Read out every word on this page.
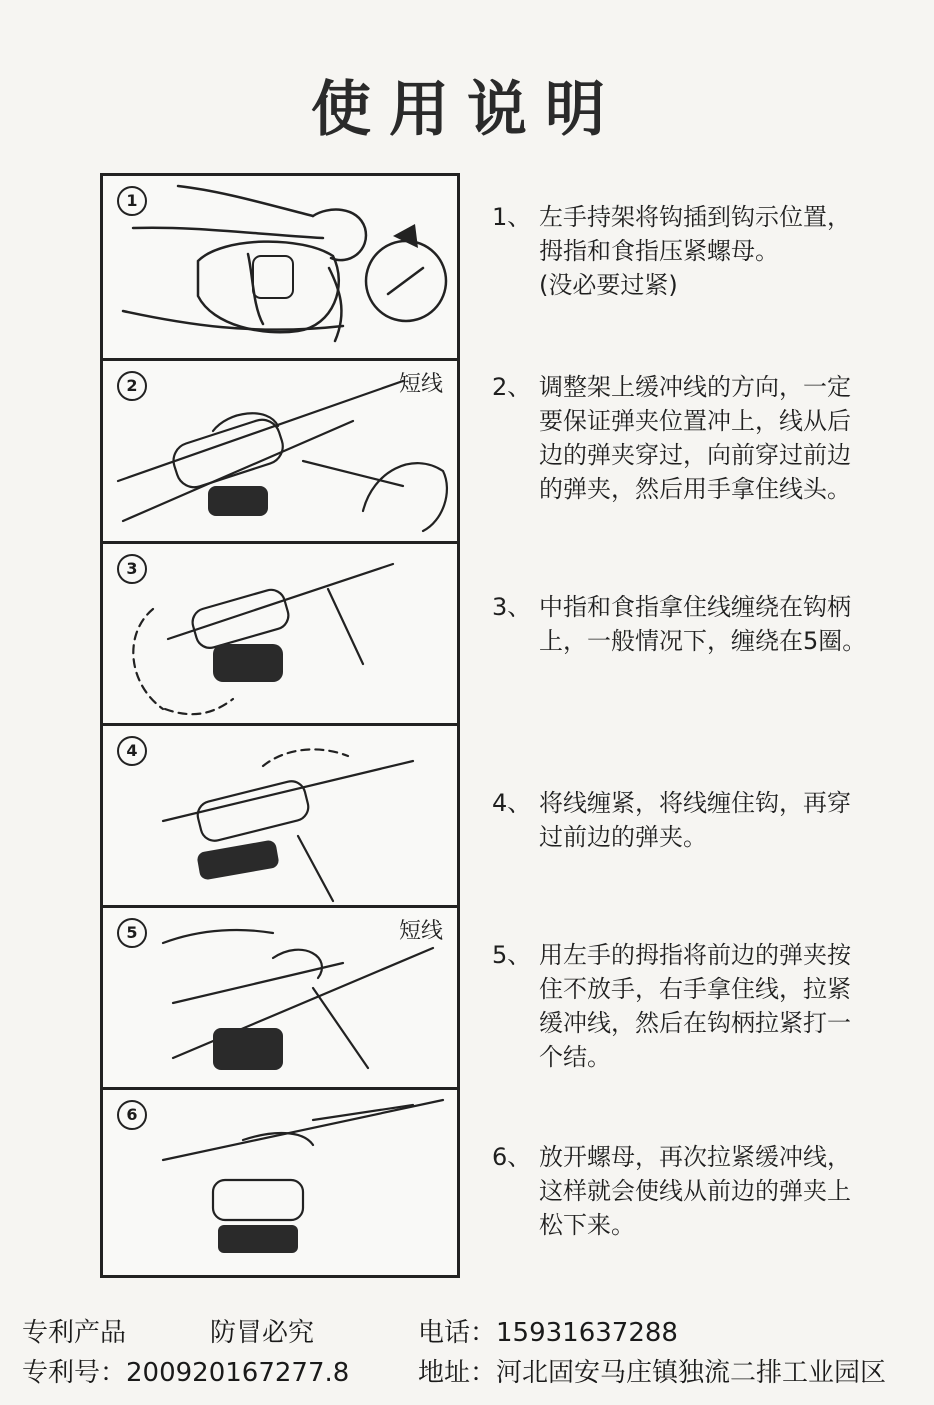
使用说明
1
2	短线
3
4
5	短线
6
1、 左手持架将钩插到钩示位置，拇指和食指压紧螺母。
(没必要过紧)
2、 调整架上缓冲线的方向，一定要保证弹夹位置冲上，线从后边的弹夹穿过，向前穿过前边的弹夹，然后用手拿住线头。
3、 中指和食指拿住线缠绕在钩柄上，一般情况下，缠绕在5圈。
4、 将线缠紧，将线缠住钩，再穿过前边的弹夹。
5、 用左手的拇指将前边的弹夹按住不放手，右手拿住线，拉紧缓冲线，然后在钩柄拉紧打一个结。
6、 放开螺母，再次拉紧缓冲线，这样就会使线从前边的弹夹上松下来。
专利产品	防冒必究	电话：15931637288
专利号：200920167277.8	地址：河北固安马庄镇独流二排工业园区
